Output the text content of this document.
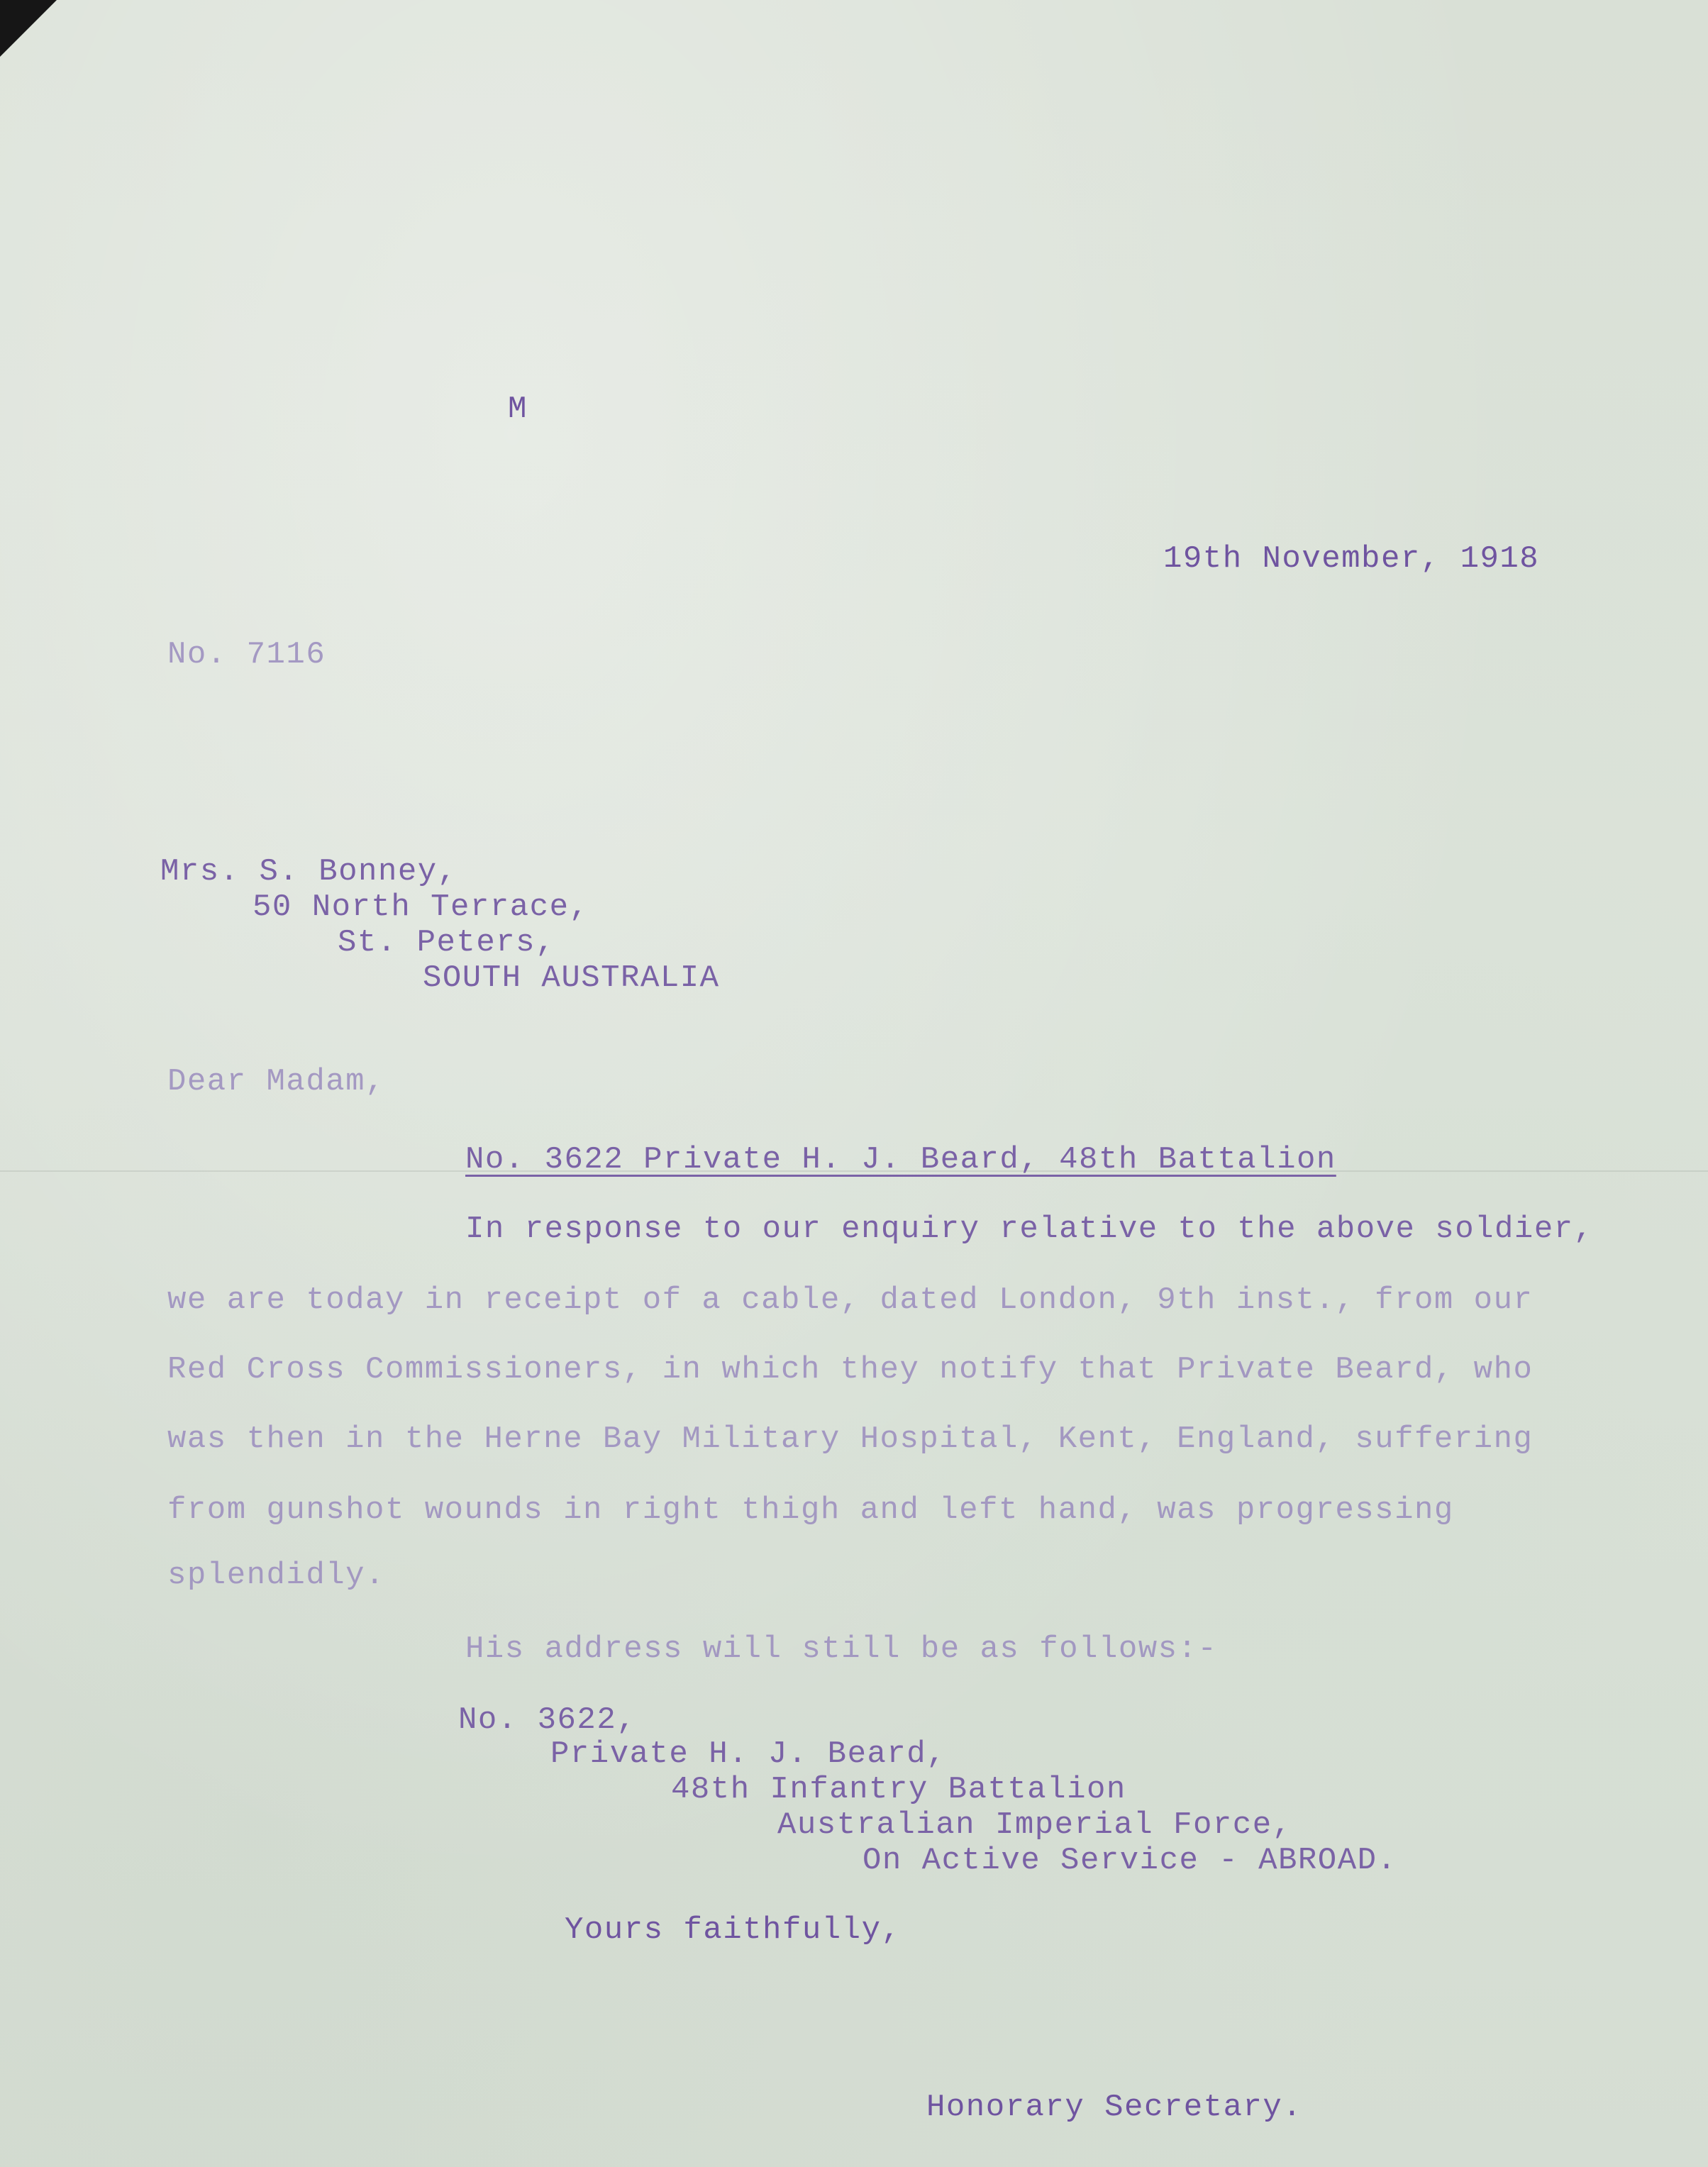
M
19th November, 1918
No. 7116
Mrs. S. Bonney,
50 North Terrace,
St. Peters,
SOUTH AUSTRALIA
Dear Madam,
No. 3622 Private H. J. Beard, 48th Battalion
In response to our enquiry relative to the above soldier,
we are today in receipt of a cable, dated London, 9th inst., from our
Red Cross Commissioners, in which they notify that Private Beard, who
was then in the Herne Bay Military Hospital, Kent, England, suffering
from gunshot wounds in right thigh and left hand, was progressing
splendidly.
His address will still be as follows:-
No. 3622,
Private H. J. Beard,
48th Infantry Battalion
Australian Imperial Force,
On Active Service - ABROAD.
Yours faithfully,
Honorary Secretary.
